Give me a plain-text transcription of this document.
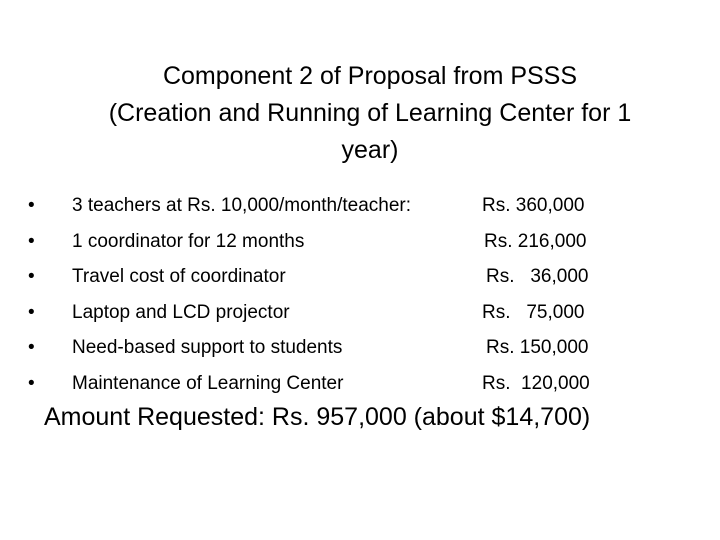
Component 2 of Proposal from PSSS
(Creation and Running of Learning Center for 1
year)
• 3 teachers at Rs. 10,000/month/teacher:	Rs. 360,000
• 1 coordinator for 12 months	Rs. 216,000
• Travel cost of coordinator	Rs.   36,000
• Laptop and LCD projector	Rs.   75,000
• Need-based support to students	Rs. 150,000
• Maintenance of Learning Center	Rs.  120,000
Amount Requested: Rs. 957,000 (about $14,700)
